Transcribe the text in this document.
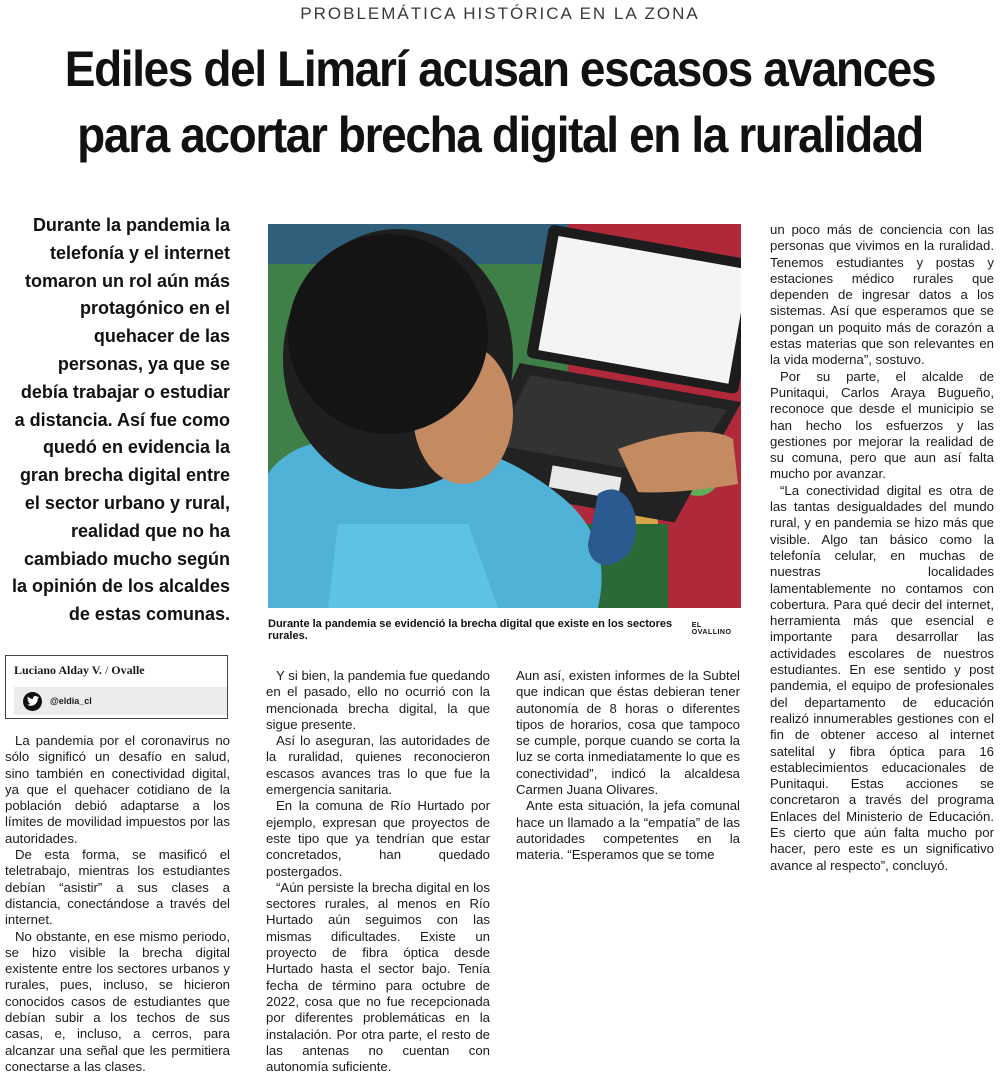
PROBLEMÁTICA HISTÓRICA EN LA ZONA
Ediles del Limarí acusan escasos avances
para acortar brecha digital en la ruralidad
Durante la pandemia la telefonía y el internet tomaron un rol aún más protagónico en el quehacer de las personas, ya que se debía trabajar o estudiar a distancia. Así fue como quedó en evidencia la gran brecha digital entre el sector urbano y rural, realidad que no ha cambiado mucho según la opinión de los alcaldes de estas comunas.	Durante la pandemia se evidenció la brecha digital que existe en los sectores rurales.
EL OVALLINO
Luciano Alday V. / Ovalle
@eldia_cl

La pandemia por el coronavirus no sólo significó un desafío en salud, sino también en conectividad digital, ya que el quehacer cotidiano de la población debió adaptarse a los límites de movilidad impuestos por las autoridades.

De esta forma, se masificó el teletrabajo, mientras los estudiantes debían “asistir” a sus clases a distancia, conectándose a través del internet.

No obstante, en ese mismo periodo, se hizo visible la brecha digital existente entre los sectores urbanos y rurales, pues, incluso, se hicieron conocidos casos de estudiantes que debían subir a los techos de sus casas, e, incluso, a cerros, para alcanzar una señal que les permitiera conectarse a las clases.

Y si bien, la pandemia fue quedando en el pasado, ello no ocurrió con la mencionada brecha digital, la que sigue presente.

Así lo aseguran, las autoridades de la ruralidad, quienes reconocieron escasos avances tras lo que fue la emergencia sanitaria.

En la comuna de Río Hurtado por ejemplo, expresan que proyectos de este tipo que ya tendrían que estar concretados, han quedado postergados.

“Aún persiste la brecha digital en los sectores rurales, al menos en Río Hurtado aún seguimos con las mismas dificultades. Existe un proyecto de fibra óptica desde Hurtado hasta el sector bajo. Tenía fecha de término para octubre de 2022, cosa que no fue recepcionada por diferentes problemáticas en la instalación. Por otra parte, el resto de las antenas no cuentan con autonomía suficiente.

Aun así, existen informes de la Subtel que indican que éstas debieran tener autonomía de 8 horas o diferentes tipos de horarios, cosa que tampoco se cumple, porque cuando se corta la luz se corta inmediatamente lo que es conectividad”, indicó la alcaldesa Carmen Juana Olivares.

Ante esta situación, la jefa comunal hace un llamado a la “empatía” de las autoridades competentes en la materia. “Esperamos que se tome

un poco más de conciencia con las personas que vivimos en la ruralidad. Tenemos estudiantes y postas y estaciones médico rurales que dependen de ingresar datos a los sistemas. Así que esperamos que se pongan un poquito más de corazón a estas materias que son relevantes en la vida moderna”, sostuvo.

Por su parte, el alcalde de Punitaqui, Carlos Araya Bugueño, reconoce que desde el municipio se han hecho los esfuerzos y las gestiones por mejorar la realidad de su comuna, pero que aun así falta mucho por avanzar.

“La conectividad digital es otra de las tantas desigualdades del mundo rural, y en pandemia se hizo más que visible. Algo tan básico como la telefonía celular, en muchas de nuestras localidades lamentablemente no contamos con cobertura. Para qué decir del internet, herramienta más que esencial e importante para desarrollar las actividades escolares de nuestros estudiantes. En ese sentido y post pandemia, el equipo de profesionales del departamento de educación realizó innumerables gestiones con el fin de obtener acceso al internet satelital y fibra óptica para 16 establecimientos educacionales de Punitaqui. Estas acciones se concretaron a través del programa Enlaces del Ministerio de Educación. Es cierto que aún falta mucho por hacer, pero este es un significativo avance al respecto”, concluyó.
